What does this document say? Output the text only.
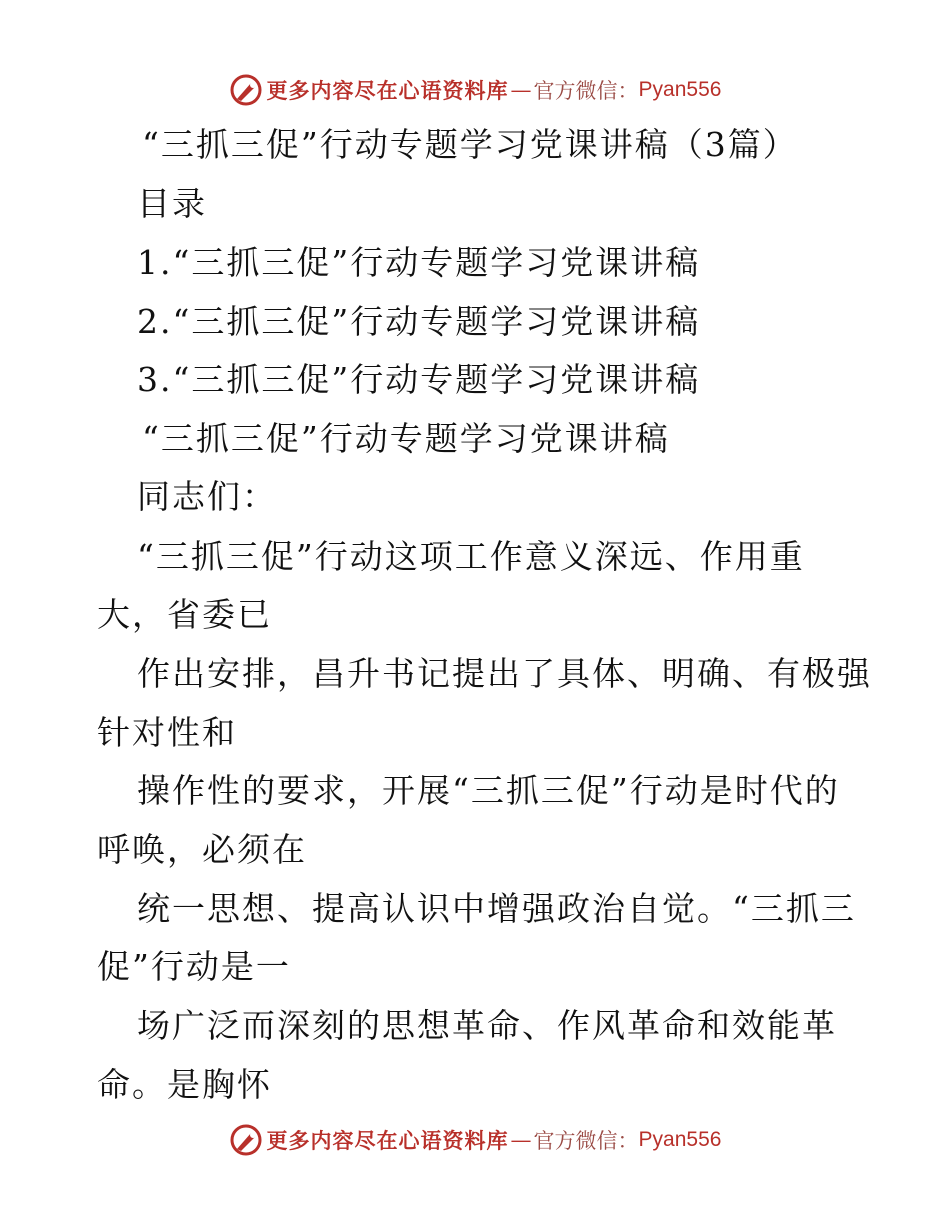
更多内容尽在心语资料库 — 官方微信： Pyan556
“三抓三促”行动专题学习党课讲稿（3篇）
目录
1.“三抓三促”行动专题学习党课讲稿
2.“三抓三促”行动专题学习党课讲稿
3.“三抓三促”行动专题学习党课讲稿
“三抓三促”行动专题学习党课讲稿
同志们：
“三抓三促”行动这项工作意义深远、作用重
大，省委已
作出安排，昌升书记提出了具体、明确、有极强
针对性和
操作性的要求，开展“三抓三促”行动是时代的
呼唤，必须在
统一思想、提高认识中增强政治自觉。“三抓三
促”行动是一
场广泛而深刻的思想革命、作风革命和效能革
命。是胸怀
更多内容尽在心语资料库 — 官方微信： Pyan556
